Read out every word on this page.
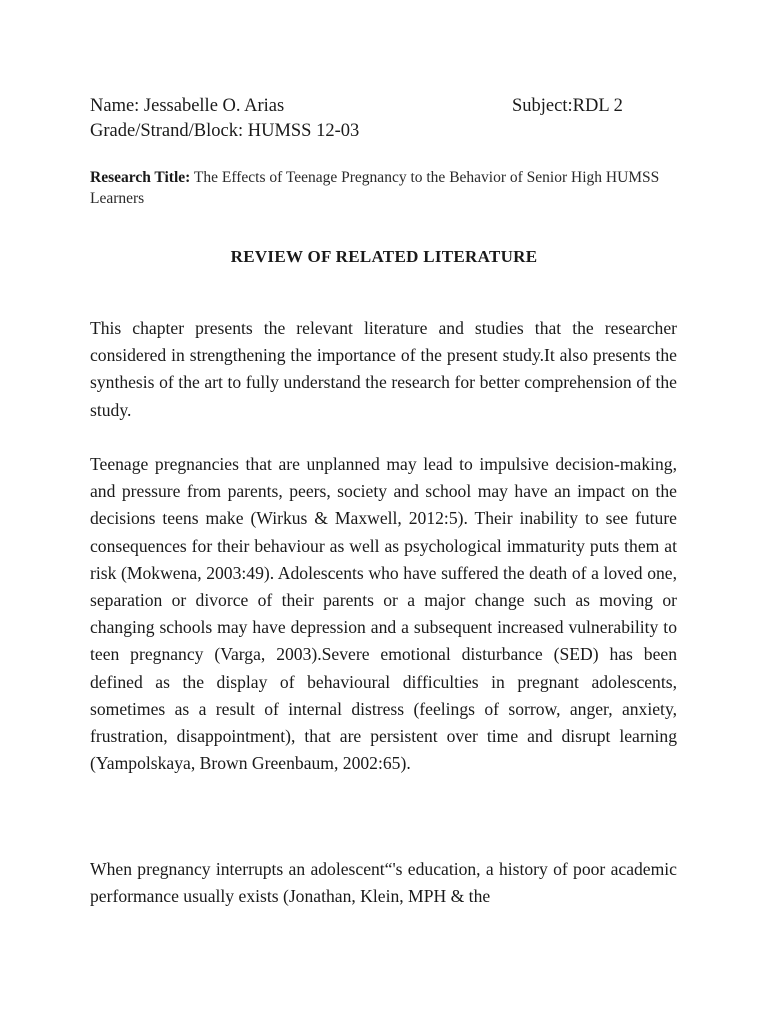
Name: Jessabelle O. Arias	Subject:RDL 2
Grade/Strand/Block: HUMSS 12-03
Research Title: The Effects of Teenage Pregnancy to the Behavior of Senior High HUMSS Learners
REVIEW OF RELATED LITERATURE

This chapter presents the relevant literature and studies that the researcher considered in strengthening the importance of the present study.It also presents the synthesis of the art to fully understand the research for better comprehension of the study.

Teenage pregnancies that are unplanned may lead to impulsive decision-making, and pressure from parents, peers, society and school may have an impact on the decisions teens make (Wirkus & Maxwell, 2012:5). Their inability to see future consequences for their behaviour as well as psychological immaturity puts them at risk (Mokwena, 2003:49). Adolescents who have suffered the death of a loved one, separation or divorce of their parents or a major change such as moving or changing schools may have depression and a subsequent increased vulnerability to teen pregnancy (Varga, 2003).Severe emotional disturbance (SED) has been defined as the display of behavioural difficulties in pregnant adolescents, sometimes as a result of internal distress (feelings of sorrow, anger, anxiety, frustration, disappointment), that are persistent over time and disrupt learning (Yampolskaya, Brown Greenbaum, 2002:65).

When pregnancy interrupts an adolescent“'s education, a history of poor academic performance usually exists (Jonathan, Klein, MPH & the
